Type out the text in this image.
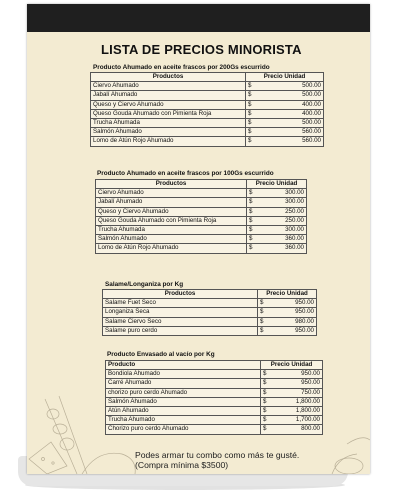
LISTA DE PRECIOS MINORISTA
Producto Ahumado en aceite frascos por 200Gs escurrido
Productos	Precio Unidad	
Ciervo Ahumado	$	500.00
Jabalí Ahumado	$	500.00
Queso y Ciervo Ahumado	$	400.00
Queso Gouda Ahumado con Pimienta Roja	$	400.00
Trucha Ahumada	$	500.00
Salmón Ahumado	$	560.00
Lomo de Atún Rojo Ahumado	$	560.00
Producto Ahumado en aceite frascos por 100Gs escurrido
Productos	Precio Unidad	
Ciervo Ahumado	$	300.00
Jabalí Ahumado	$	300.00
Queso y Ciervo Ahumado	$	250.00
Queso Gouda Ahumado con Pimienta Roja	$	250.00
Trucha Ahumada	$	300.00
Salmón Ahumado	$	360.00
Lomo de Atún Rojo Ahumado	$	360.00
Salame/Longaniza por Kg
Productos	Precio Unidad	
Salame Fuet Seco	$	950.00
Longaniza Seca	$	950.00
Salame Ciervo Seco	$	980.00
Salame puro cerdo	$	950.00
Producto Envasado al vacío por Kg
Producto	Precio Unidad	
Bondiola Ahumado	$	950.00
Carré Ahumado	$	950.00
chorizo puro cerdo Ahumado	$	750.00
Salmón Ahumado	$	1,800.00
Atún Ahumado	$	1,800.00
Trucha Ahumado	$	1,700.00
Chorizo puro cerdo Ahumado	$	800.00
Podes armar tu combo como más te gusté.
(Compra mínima $3500)
